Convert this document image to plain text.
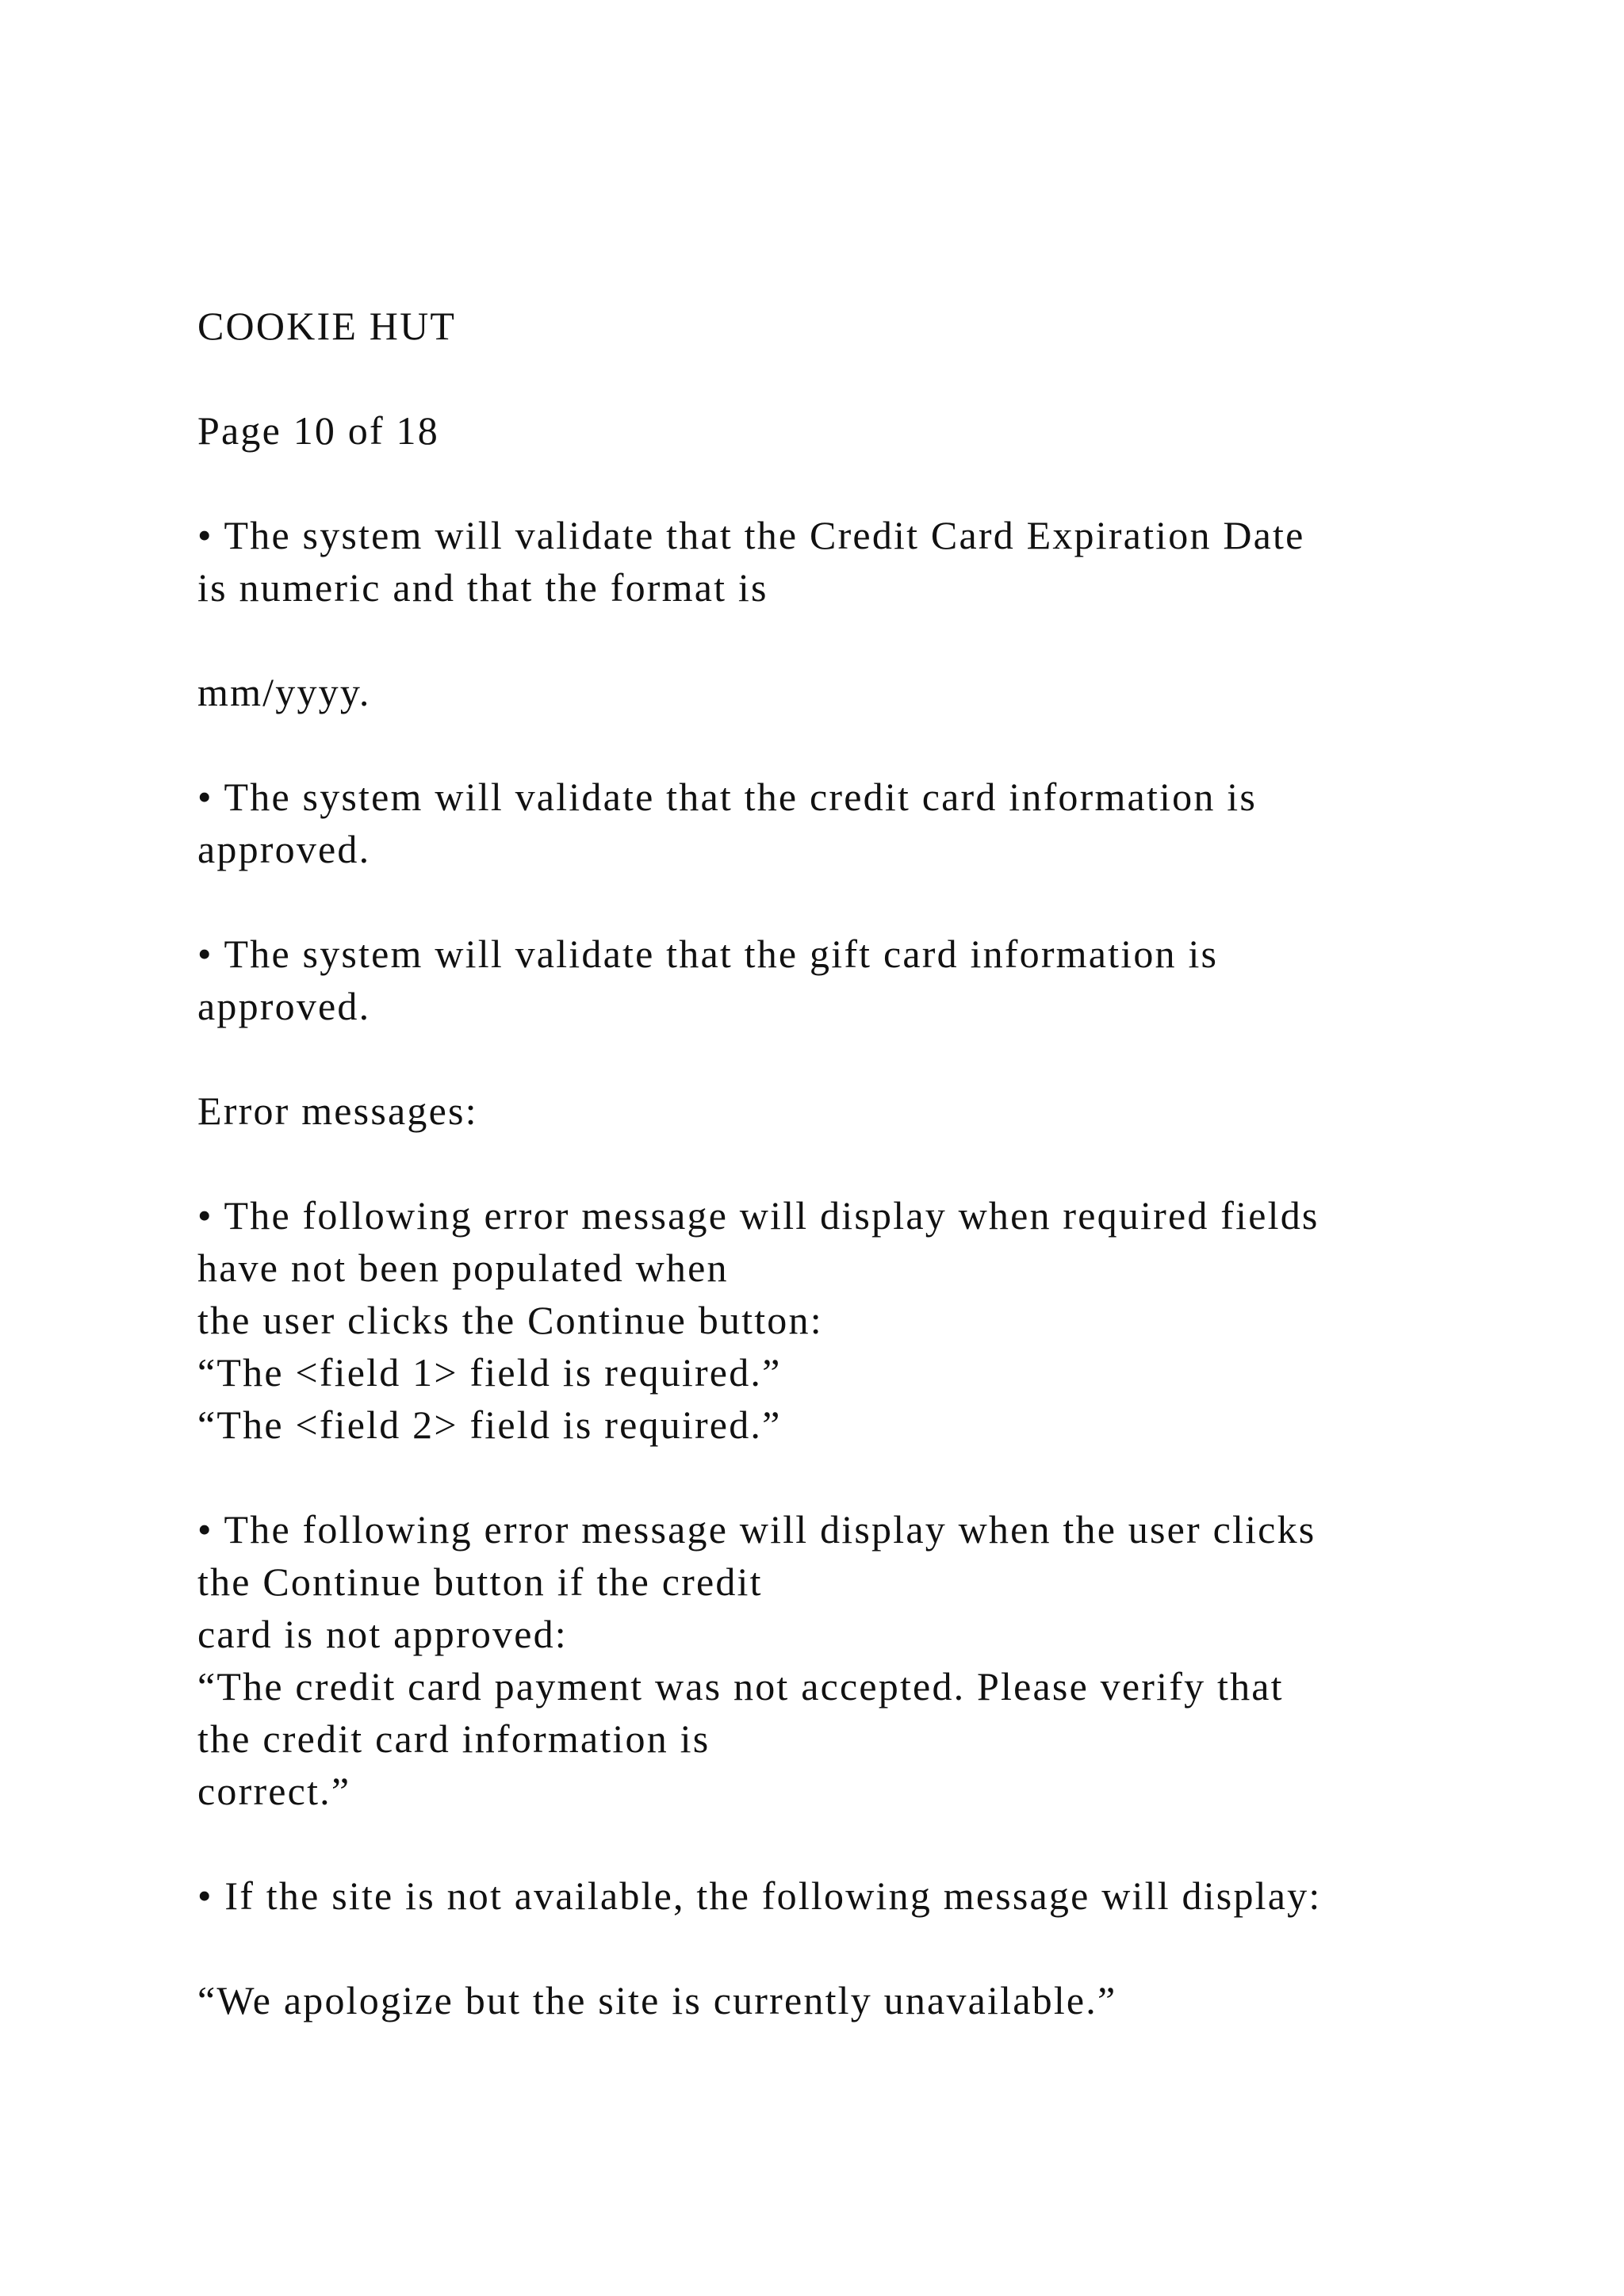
COOKIE HUT

Page 10 of 18

• The system will validate that the Credit Card Expiration Date
is numeric and that the format is

mm/yyyy.

• The system will validate that the credit card information is
approved.

• The system will validate that the gift card information is
approved.

Error messages:

• The following error message will display when required fields
have not been populated when
the user clicks the Continue button:
“The <field 1> field is required.”
“The <field 2> field is required.”

• The following error message will display when the user clicks
the Continue button if the credit
card is not approved:
“The credit card payment was not accepted. Please verify that
the credit card information is
correct.”

• If the site is not available, the following message will display:

“We apologize but the site is currently unavailable.”
